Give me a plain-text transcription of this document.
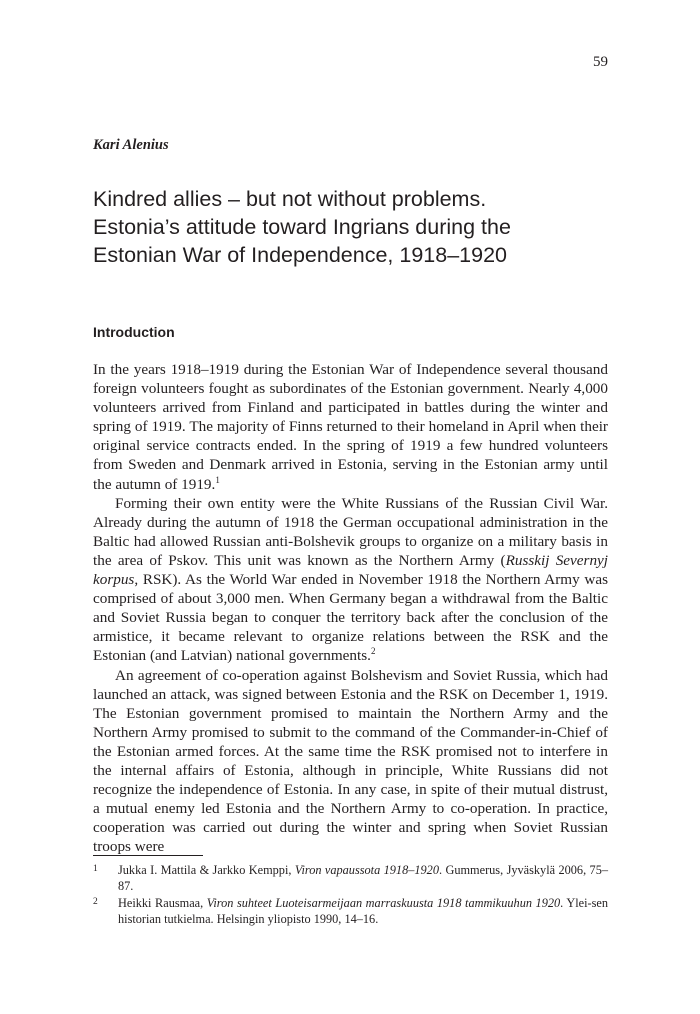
59
Kari Alenius
Kindred allies – but not without problems.
Estonia’s attitude toward Ingrians during the
Estonian War of Independence, 1918–1920
Introduction

In the years 1918–1919 during the Estonian War of Independence several thousand foreign volunteers fought as subordinates of the Estonian government. Nearly 4,000 volunteers arrived from Finland and participated in battles during the winter and spring of 1919. The majority of Finns returned to their homeland in April when their original service contracts ended. In the spring of 1919 a few hundred volunteers from Sweden and Denmark arrived in Estonia, serving in the Estonian army until the autumn of 1919.$^1$

Forming their own entity were the White Russians of the Russian Civil War. Already during the autumn of 1918 the German occupational administration in the Baltic had allowed Russian anti-Bolshevik groups to organize on a military basis in the area of Pskov. This unit was known as the Northern Army (Russkij Severnyj korpus, RSK). As the World War ended in November 1918 the Northern Army was comprised of about 3,000 men. When Germany began a withdrawal from the Baltic and Soviet Russia began to conquer the territory back after the conclusion of the armistice, it became relevant to organize relations between the RSK and the Estonian (and Latvian) national governments.$^2$

An agreement of co-operation against Bolshevism and Soviet Russia, which had launched an attack, was signed between Estonia and the RSK on December 1, 1919. The Estonian government promised to maintain the Northern Army and the Northern Army promised to submit to the command of the Commander-in-Chief of the Estonian armed forces. At the same time the RSK promised not to interfere in the internal affairs of Estonia, although in principle, White Russians did not recognize the independence of Estonia. In any case, in spite of their mutual distrust, a mutual enemy led Estonia and the Northern Army to co-operation. In practice, cooperation was carried out during the winter and spring when Soviet Russian troops were

1 Jukka I. Mattila & Jarkko Kemppi, Viron vapaussota 1918–1920. Gummerus, Jyväskylä 2006, 75–87.
2 Heikki Rausmaa, Viron suhteet Luoteisarmeijaan marraskuusta 1918 tammikuuhun 1920. Ylei-sen historian tutkielma. Helsingin yliopisto 1990, 14–16.
